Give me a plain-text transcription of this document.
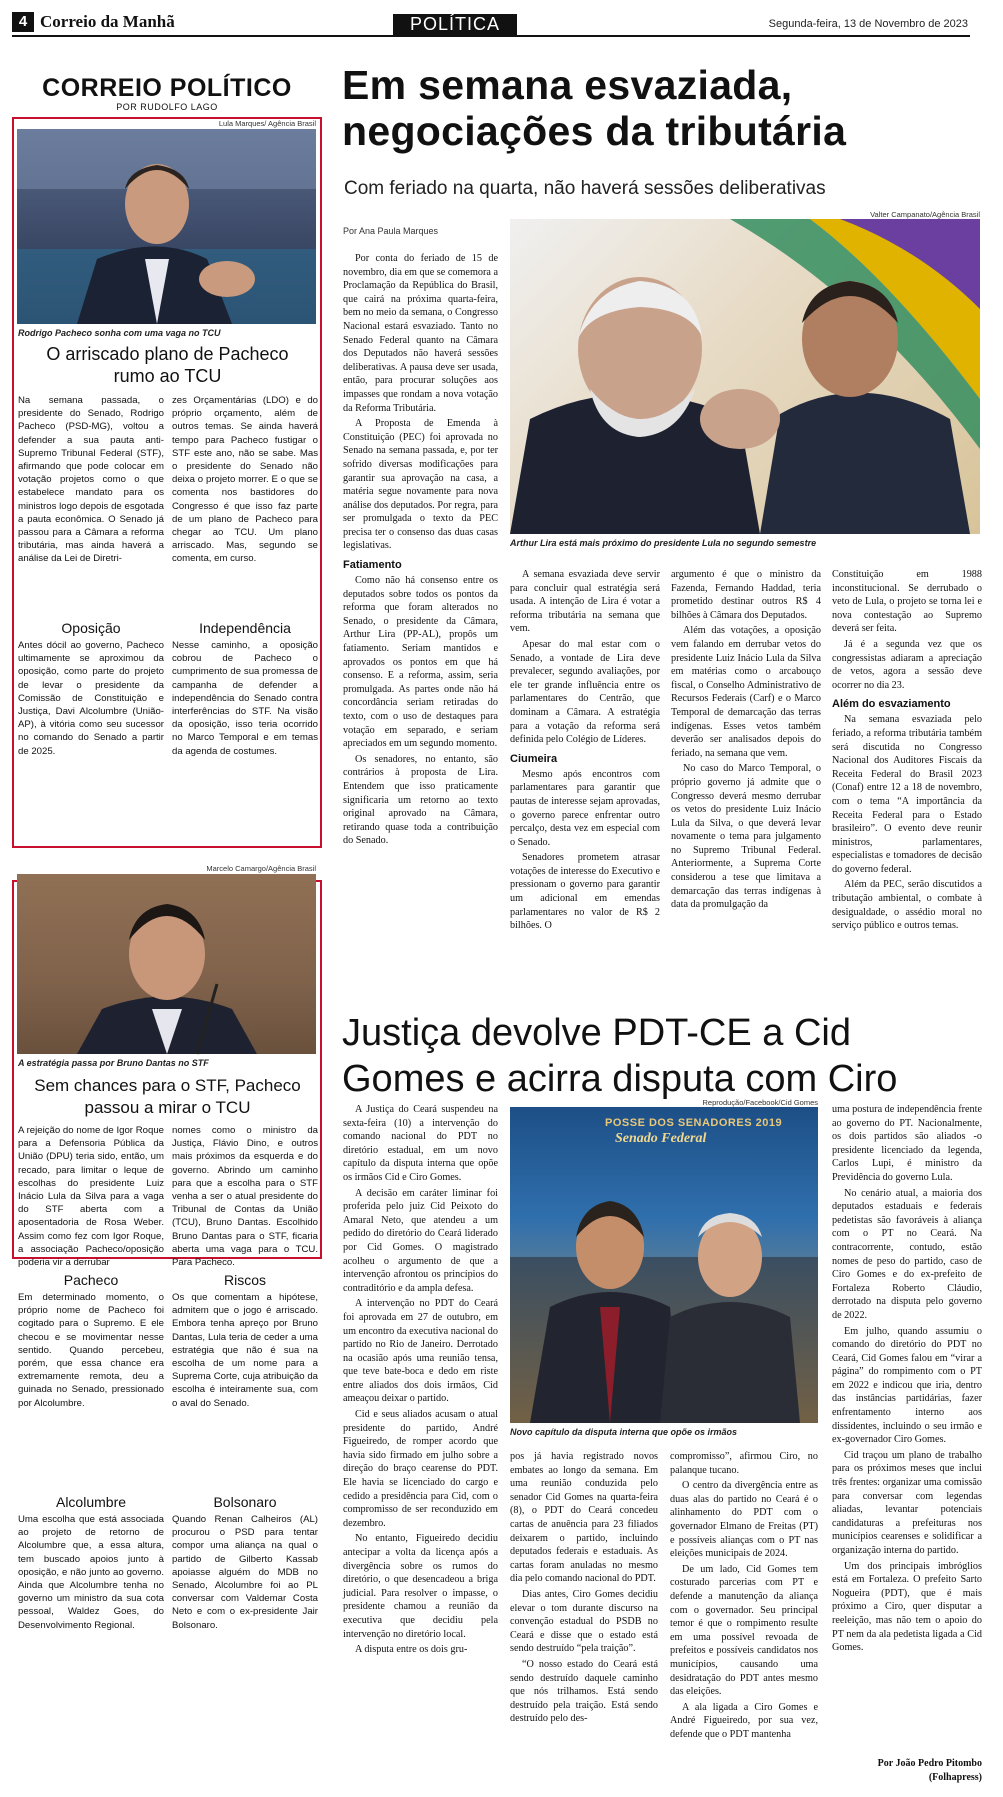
4 Correio da Manhã	POLÍTICA	Segunda-feira, 13 de Novembro de 2023
CORREIO POLÍTICO
POR RUDOLFO LAGO
Lula Marques/ Agência Brasil
Rodrigo Pacheco sonha com uma vaga no TCU
O arriscado plano de Pacheco rumo ao TCU

Na semana passada, o presidente do Senado, Rodrigo Pacheco (PSD-MG), voltou a defender a sua pauta anti-Supremo Tribunal Federal (STF), afirmando que pode colocar em votação projetos como o que estabelece mandato para os ministros logo depois de esgotada a pauta econômica. O Senado já passou para a Câmara a reforma tributária, mas ainda haverá a análise da Lei de Diretri-

zes Orçamentárias (LDO) e do próprio orçamento, além de outros temas. Se ainda haverá tempo para Pacheco fustigar o STF este ano, não se sabe. Mas o presidente do Senado não deixa o projeto morrer. E o que se comenta nos bastidores do Congresso é que isso faz parte de um plano de Pacheco para chegar ao TCU. Um plano arriscado. Mas, segundo se comenta, em curso.

Oposição

Antes dócil ao governo, Pacheco ultimamente se aproximou da oposição, como parte do projeto de levar o presidente da Comissão de Constituição e Justiça, Davi Alcolumbre (União-AP), à vitória como seu sucessor no comando do Senado a partir de 2025.

Independência

Nesse caminho, a oposição cobrou de Pacheco o cumprimento de sua promessa de campanha de defender a independência do Senado contra interferências do STF. Na visão da oposição, isso teria ocorrido no Marco Temporal e em temas da agenda de costumes.

Marcelo Camargo/Agência Brasil
A estratégia passa por Bruno Dantas no STF
Sem chances para o STF, Pacheco passou a mirar o TCU

A rejeição do nome de Igor Roque para a Defensoria Pública da União (DPU) teria sido, então, um recado, para limitar o leque de escolhas do presidente Luiz Inácio Lula da Silva para a vaga do STF aberta com a aposentadoria de Rosa Weber. Assim como fez com Igor Roque, a associação Pacheco/oposição poderia vir a derrubar

nomes como o ministro da Justiça, Flávio Dino, e outros mais próximos da esquerda e do governo. Abrindo um caminho para que a escolha para o STF venha a ser o atual presidente do Tribunal de Contas da União (TCU), Bruno Dantas. Escolhido Bruno Dantas para o STF, ficaria aberta uma vaga para o TCU. Para Pacheco.

Pacheco

Em determinado momento, o próprio nome de Pacheco foi cogitado para o Supremo. E ele checou e se movimentar nesse sentido. Quando percebeu, porém, que essa chance era extremamente remota, deu a guinada no Senado, pressionado por Alcolumbre.

Riscos

Os que comentam a hipótese, admitem que o jogo é arriscado. Embora tenha apreço por Bruno Dantas, Lula teria de ceder a uma estratégia que não é sua na escolha de um nome para a Suprema Corte, cuja atribuição da escolha é inteiramente sua, com o aval do Senado.

Alcolumbre

Uma escolha que está associada ao projeto de retorno de Alcolumbre que, a essa altura, tem buscado apoios junto à oposição, e não junto ao governo. Ainda que Alcolumbre tenha no governo um ministro da sua cota pessoal, Waldez Goes, do Desenvolvimento Regional.

Bolsonaro

Quando Renan Calheiros (AL) procurou o PSD para tentar compor uma aliança na qual o partido de Gilberto Kassab apoiasse alguém do MDB no Senado, Alcolumbre foi ao PL conversar com Valdemar Costa Neto e com o ex-presidente Jair Bolsonaro.

Em semana esvaziada, negociações da tributária
Com feriado na quarta, não haverá sessões deliberativas
Por Ana Paula Marques
Valter Campanato/Agência Brasil
Arthur Lira está mais próximo do presidente Lula no segundo semestre

Por conta do feriado de 15 de novembro, dia em que se comemora a Proclamação da República do Brasil, que cairá na próxima quarta-feira, bem no meio da semana, o Congresso Nacional estará esvaziado. Tanto no Senado Federal quanto na Câmara dos Deputados não haverá sessões deliberativas. A pausa deve ser usada, então, para procurar soluções aos impasses que rondam a nova votação da Reforma Tributária.

A Proposta de Emenda à Constituição (PEC) foi aprovada no Senado na semana passada, e, por ter sofrido diversas modificações para garantir sua aprovação na casa, a matéria segue novamente para nova análise dos deputados. Por regra, para ser promulgada o texto da PEC precisa ter o consenso das duas casas legislativas.

Fatiamento

Como não há consenso entre os deputados sobre todos os pontos da reforma que foram alterados no Senado, o presidente da Câmara, Arthur Lira (PP-AL), propôs um fatiamento. Seriam mantidos e aprovados os pontos em que há consenso. E a reforma, assim, seria promulgada. As partes onde não há concordância seriam retiradas do texto, com o uso de destaques para votação em separado, e seriam apreciados em um segundo momento.

Os senadores, no entanto, são contrários à proposta de Lira. Entendem que isso praticamente significaria um retorno ao texto original aprovado na Câmara, retirando quase toda a contribuição do Senado.

A semana esvaziada deve servir para concluir qual estratégia será usada. A intenção de Lira é votar a reforma tributária na semana que vem.

Apesar do mal estar com o Senado, a vontade de Lira deve prevalecer, segundo avaliações, por ele ter grande influência entre os parlamentares do Centrão, que dominam a Câmara. A estratégia para a votação da reforma será definida pelo Colégio de Líderes.

Ciumeira

Mesmo após encontros com parlamentares para garantir que pautas de interesse sejam aprovadas, o governo parece enfrentar outro percalço, desta vez em especial com o Senado.

Senadores prometem atrasar votações de interesse do Executivo e pressionam o governo para garantir um adicional em emendas parlamentares no valor de R$ 2 bilhões. O

argumento é que o ministro da Fazenda, Fernando Haddad, teria prometido destinar outros R$ 4 bilhões à Câmara dos Deputados.

Além das votações, a oposição vem falando em derrubar vetos do presidente Luiz Inácio Lula da Silva em matérias como o arcabouço fiscal, o Conselho Administrativo de Recursos Federais (Carf) e o Marco Temporal de demarcação das terras indígenas. Esses vetos também deverão ser analisados depois do feriado, na semana que vem.

No caso do Marco Temporal, o próprio governo já admite que o Congresso deverá mesmo derrubar os vetos do presidente Luiz Inácio Lula da Silva, o que deverá levar novamente o tema para julgamento no Supremo Tribunal Federal. Anteriormente, a Suprema Corte considerou a tese que limitava a demarcação das terras indígenas à data da promulgação da

Constituição em 1988 inconstitucional. Se derrubado o veto de Lula, o projeto se torna lei e nova contestação ao Supremo deverá ser feita.

Já é a segunda vez que os congressistas adiaram a apreciação de vetos, agora a sessão deve ocorrer no dia 23.

Além do esvaziamento

Na semana esvaziada pelo feriado, a reforma tributária também será discutida no Congresso Nacional dos Auditores Fiscais da Receita Federal do Brasil 2023 (Conaf) entre 12 a 18 de novembro, com o tema “A importância da Receita Federal para o Estado brasileiro”. O evento deve reunir ministros, parlamentares, especialistas e tomadores de decisão do governo federal.

Além da PEC, serão discutidos a tributação ambiental, o combate à desigualdade, o assédio moral no serviço público e outros temas.

Justiça devolve PDT-CE a Cid Gomes e acirra disputa com Ciro
Reprodução/Facebook/Cid Gomes
POSSE DOS SENADORES 2019
Senado Federal
Novo capítulo da disputa interna que opõe os irmãos

A Justiça do Ceará suspendeu na sexta-feira (10) a intervenção do comando nacional do PDT no diretório estadual, em um novo capítulo da disputa interna que opõe os irmãos Cid e Ciro Gomes.

A decisão em caráter liminar foi proferida pelo juiz Cid Peixoto do Amaral Neto, que atendeu a um pedido do diretório do Ceará liderado por Cid Gomes. O magistrado acolheu o argumento de que a intervenção afrontou os princípios do contraditório e da ampla defesa.

A intervenção no PDT do Ceará foi aprovada em 27 de outubro, em um encontro da executiva nacional do partido no Rio de Janeiro. Derrotado na ocasião após uma reunião tensa, que teve bate-boca e dedo em riste entre aliados dos dois irmãos, Cid ameaçou deixar o partido.

Cid e seus aliados acusam o atual presidente do partido, André Figueiredo, de romper acordo que havia sido firmado em julho sobre a direção do braço cearense do PDT. Ele havia se licenciado do cargo e cedido a presidência para Cid, com o compromisso de ser reconduzido em dezembro.

No entanto, Figueiredo decidiu antecipar a volta da licença após a divergência sobre os rumos do diretório, o que desencadeou a briga judicial. Para resolver o impasse, o presidente chamou a reunião da executiva que decidiu pela intervenção no diretório local.

A disputa entre os dois gru-

pos já havia registrado novos embates ao longo da semana. Em uma reunião conduzida pelo senador Cid Gomes na quarta-feira (8), o PDT do Ceará concedeu cartas de anuência para 23 filiados deixarem o partido, incluindo deputados federais e estaduais. As cartas foram anuladas no mesmo dia pelo comando nacional do PDT.

Dias antes, Ciro Gomes decidiu elevar o tom durante discurso na convenção estadual do PSDB no Ceará e disse que o estado está sendo destruído “pela traição”.

“O nosso estado do Ceará está sendo destruído daquele caminho que nós trilhamos. Está sendo destruído pela traição. Está sendo destruído pelo des-

compromisso”, afirmou Ciro, no palanque tucano.

O centro da divergência entre as duas alas do partido no Ceará é o alinhamento do PDT com o governador Elmano de Freitas (PT) e possíveis alianças com o PT nas eleições municipais de 2024.

De um lado, Cid Gomes tem costurado parcerias com PT e defende a manutenção da aliança com o governador. Seu principal temor é que o rompimento resulte em uma possível revoada de prefeitos e possíveis candidatos nos municípios, causando uma desidratação do PDT antes mesmo das eleições.

A ala ligada a Ciro Gomes e André Figueiredo, por sua vez, defende que o PDT mantenha

uma postura de independência frente ao governo do PT. Nacionalmente, os dois partidos são aliados -o presidente licenciado da legenda, Carlos Lupi, é ministro da Previdência do governo Lula.

No cenário atual, a maioria dos deputados estaduais e federais pedetistas são favoráveis à aliança com o PT no Ceará. Na contracorrente, contudo, estão nomes de peso do partido, caso de Ciro Gomes e do ex-prefeito de Fortaleza Roberto Cláudio, derrotado na disputa pelo governo de 2022.

Em julho, quando assumiu o comando do diretório do PDT no Ceará, Cid Gomes falou em “virar a página” do rompimento com o PT em 2022 e indicou que iria, dentro das instâncias partidárias, fazer enfrentamento interno aos dissidentes, incluindo o seu irmão e ex-governador Ciro Gomes.

Cid traçou um plano de trabalho para os próximos meses que inclui três frentes: organizar uma comissão para conversar com legendas aliadas, levantar potenciais candidaturas a prefeituras nos municípios cearenses e solidificar a organização interna do partido.

Um dos principais imbróglios está em Fortaleza. O prefeito Sarto Nogueira (PDT), que é mais próximo a Ciro, quer disputar a reeleição, mas não tem o apoio do PT nem da ala pedetista ligada a Cid Gomes.

Por João Pedro Pitombo
(Folhapress)
